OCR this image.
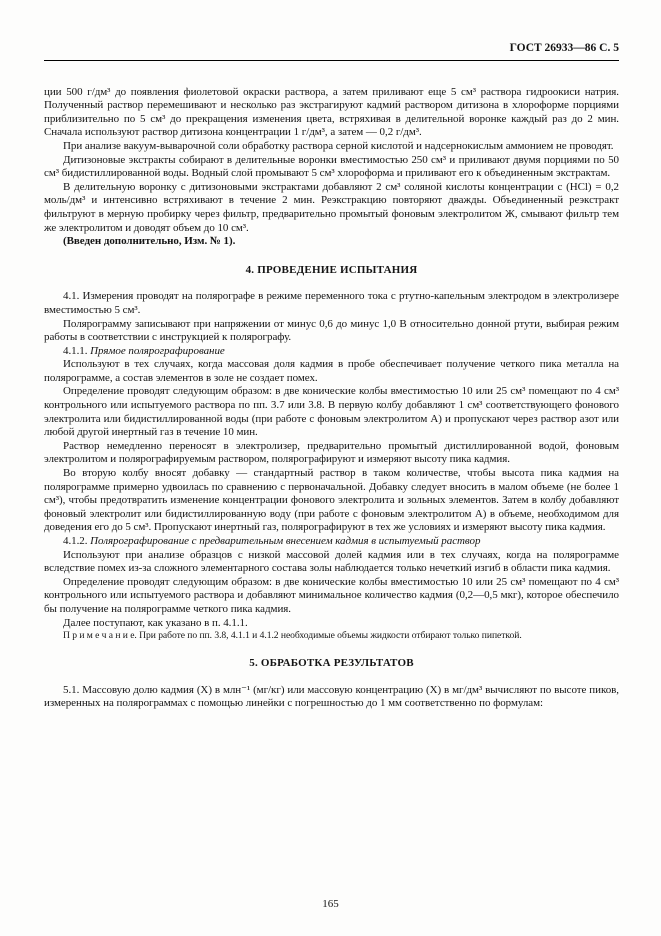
ГОСТ 26933—86 С. 5

ции 500 г/дм³ до появления фиолетовой окраски раствора, а затем приливают еще 5 см³ раствора гидроокиси натрия. Полученный раствор перемешивают и несколько раз экстрагируют кадмий раствором дитизона в хлороформе порциями приблизительно по 5 см³ до прекращения изменения цвета, встряхивая в делительной воронке каждый раз до 2 мин. Сначала используют раствор дитизона концентрации 1 г/дм³, а затем — 0,2 г/дм³.

При анализе вакуум-выварочной соли обработку раствора серной кислотой и надсернокислым аммонием не проводят.

Дитизоновые экстракты собирают в делительные воронки вместимостью 250 см³ и приливают двумя порциями по 50 см³ бидистиллированной воды. Водный слой промывают 5 см³ хлороформа и приливают его к объединенным экстрактам.

В делительную воронку с дитизоновыми экстрактами добавляют 2 см³ соляной кислоты концентрации с (НСl) = 0,2 моль/дм³ и интенсивно встряхивают в течение 2 мин. Реэкстракцию повторяют дважды. Объединенный реэкстракт фильтруют в мерную пробирку через фильтр, предварительно промытый фоновым электролитом Ж, смывают фильтр тем же электролитом и доводят объем до 10 см³.

(Введен дополнительно, Изм. № 1).

4. ПРОВЕДЕНИЕ ИСПЫТАНИЯ

4.1. Измерения проводят на полярографе в режиме переменного тока с ртутно-капельным электродом в электролизере вместимостью 5 см³.

Полярограмму записывают при напряжении от минус 0,6 до минус 1,0 В относительно донной ртути, выбирая режим работы в соответствии с инструкцией к полярографу.

4.1.1. Прямое полярографирование

Используют в тех случаях, когда массовая доля кадмия в пробе обеспечивает получение четкого пика металла на полярограмме, а состав элементов в золе не создает помех.

Определение проводят следующим образом: в две конические колбы вместимостью 10 или 25 см³ помещают по 4 см³ контрольного или испытуемого раствора по пп. 3.7 или 3.8. В первую колбу добавляют 1 см³ соответствующего фонового электролита или бидистиллированной воды (при работе с фоновым электролитом А) и пропускают через раствор азот или любой другой инертный газ в течение 10 мин.

Раствор немедленно переносят в электролизер, предварительно промытый дистиллированной водой, фоновым электролитом и полярографируемым раствором, полярографируют и измеряют высоту пика кадмия.

Во вторую колбу вносят добавку — стандартный раствор в таком количестве, чтобы высота пика кадмия на полярограмме примерно удвоилась по сравнению с первоначальной. Добавку следует вносить в малом объеме (не более 1 см³), чтобы предотвратить изменение концентрации фонового электролита и зольных элементов. Затем в колбу добавляют фоновый электролит или бидистиллированную воду (при работе с фоновым электролитом А) в объеме, необходимом для доведения его до 5 см³. Пропускают инертный газ, полярографируют в тех же условиях и измеряют высоту пика кадмия.

4.1.2. Полярографирование с предварительным внесением кадмия в испытуемый раствор

Используют при анализе образцов с низкой массовой долей кадмия или в тех случаях, когда на полярограмме вследствие помех из-за сложного элементарного состава золы наблюдается только нечеткий изгиб в области пика кадмия.

Определение проводят следующим образом: в две конические колбы вместимостью 10 или 25 см³ помещают по 4 см³ контрольного или испытуемого раствора и добавляют минимальное количество кадмия (0,2—0,5 мкг), которое обеспечило бы получение на полярограмме четкого пика кадмия.

Далее поступают, как указано в п. 4.1.1.

П р и м е ч а н и е. При работе по пп. 3.8, 4.1.1 и 4.1.2 необходимые объемы жидкости отбирают только пипеткой.

5. ОБРАБОТКА РЕЗУЛЬТАТОВ

5.1. Массовую долю кадмия (Х) в млн⁻¹ (мг/кг) или массовую концентрацию (Х) в мг/дм³ вычисляют по высоте пиков, измеренных на полярограммах с помощью линейки с погрешностью до 1 мм соответственно по формулам:

165
